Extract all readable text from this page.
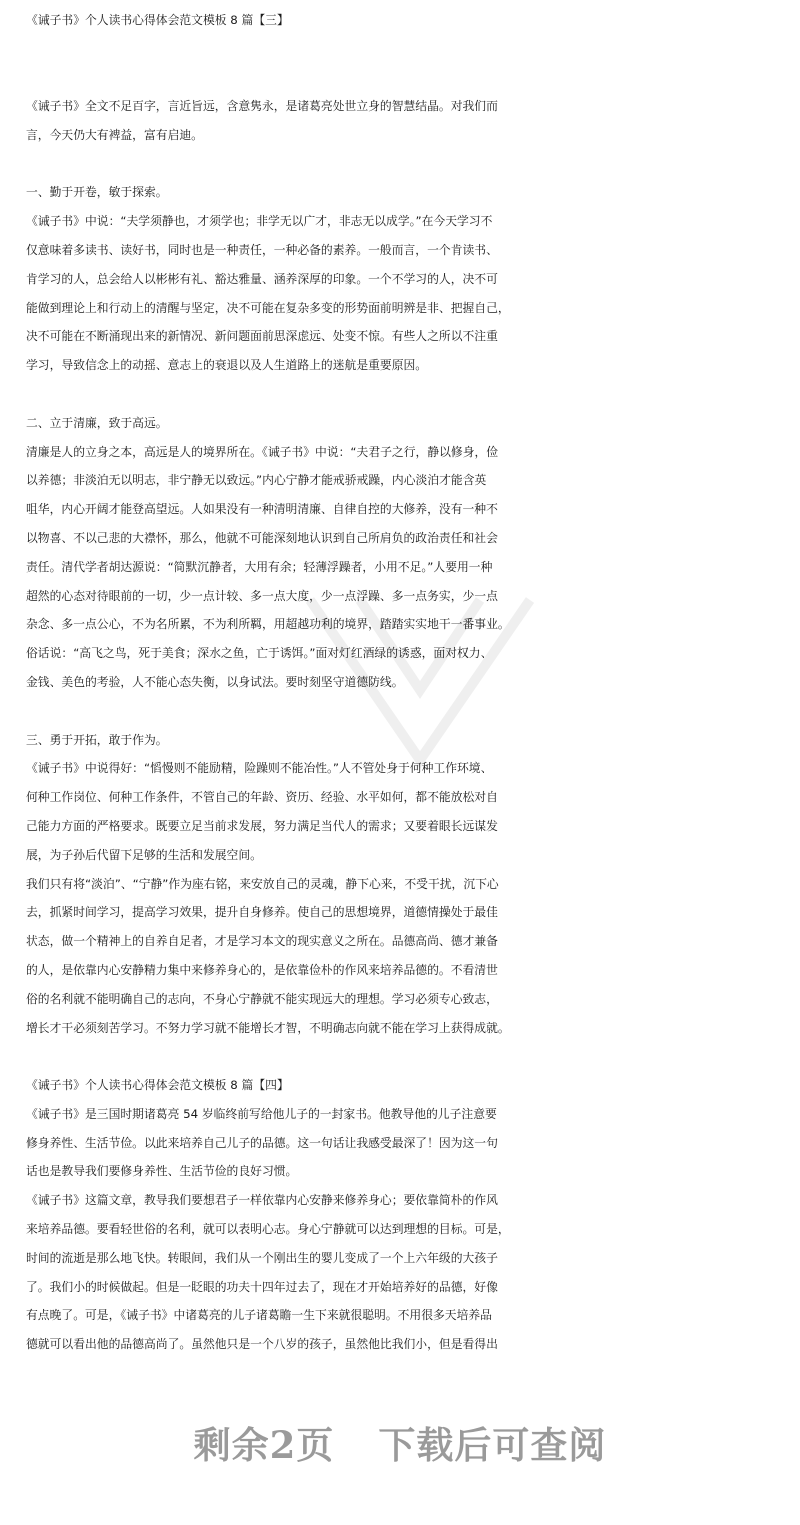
《诫子书》个人读书心得体会范文模板 8 篇【三】
《诫子书》全文不足百字，言近旨远，含意隽永，是诸葛亮处世立身的智慧结晶。对我们而
言，今天仍大有裨益，富有启迪。
一、勤于开卷，敏于探索。
《诫子书》中说：“夫学须静也，才须学也；非学无以广才，非志无以成学。”在今天学习不
仅意味着多读书、读好书，同时也是一种责任，一种必备的素养。一般而言，一个肯读书、
肯学习的人，总会给人以彬彬有礼、豁达雅量、涵养深厚的印象。一个不学习的人，决不可
能做到理论上和行动上的清醒与坚定，决不可能在复杂多变的形势面前明辨是非、把握自己，
决不可能在不断涌现出来的新情况、新问题面前思深虑远、处变不惊。有些人之所以不注重
学习，导致信念上的动摇、意志上的衰退以及人生道路上的迷航是重要原因。
二、立于清廉，致于高远。
清廉是人的立身之本，高远是人的境界所在。《诫子书》中说：“夫君子之行，静以修身，俭
以养德；非淡泊无以明志，非宁静无以致远。”内心宁静才能戒骄戒躁，内心淡泊才能含英
咀华，内心开阔才能登高望远。人如果没有一种清明清廉、自律自控的大修养，没有一种不
以物喜、不以己悲的大襟怀，那么，他就不可能深刻地认识到自己所肩负的政治责任和社会
责任。清代学者胡达源说：“简默沉静者，大用有余；轻薄浮躁者，小用不足。”人要用一种
超然的心态对待眼前的一切，少一点计较、多一点大度，少一点浮躁、多一点务实，少一点
杂念、多一点公心，不为名所累，不为利所羁，用超越功利的境界，踏踏实实地干一番事业。
俗话说：“高飞之鸟，死于美食；深水之鱼，亡于诱饵。”面对灯红酒绿的诱惑，面对权力、
金钱、美色的考验，人不能心态失衡，以身试法。要时刻坚守道德防线。
三、勇于开拓，敢于作为。
《诫子书》中说得好：“慆慢则不能励精，险躁则不能冶性。”人不管处身于何种工作环境、
何种工作岗位、何种工作条件，不管自己的年龄、资历、经验、水平如何，都不能放松对自
己能力方面的严格要求。既要立足当前求发展，努力满足当代人的需求；又要着眼长远谋发
展，为子孙后代留下足够的生活和发展空间。
我们只有将“淡泊”、“宁静”作为座右铭，来安放自己的灵魂，静下心来，不受干扰，沉下心
去，抓紧时间学习，提高学习效果，提升自身修养。使自己的思想境界，道德情操处于最佳
状态，做一个精神上的自养自足者，才是学习本文的现实意义之所在。品德高尚、德才兼备
的人，是依靠内心安静精力集中来修养身心的，是依靠俭朴的作风来培养品德的。不看清世
俗的名利就不能明确自己的志向，不身心宁静就不能实现远大的理想。学习必须专心致志，
增长才干必须刻苦学习。不努力学习就不能增长才智，不明确志向就不能在学习上获得成就。
《诫子书》个人读书心得体会范文模板 8 篇【四】
《诫子书》是三国时期诸葛亮 54 岁临终前写给他儿子的一封家书。他教导他的儿子注意要
修身养性、生活节俭。以此来培养自己儿子的品德。这一句话让我感受最深了！因为这一句
话也是教导我们要修身养性、生活节俭的良好习惯。
《诫子书》这篇文章，教导我们要想君子一样依靠内心安静来修养身心；要依靠简朴的作风
来培养品德。要看轻世俗的名利，就可以表明心志。身心宁静就可以达到理想的目标。可是，
时间的流逝是那么地飞快。转眼间，我们从一个刚出生的婴儿变成了一个上六年级的大孩子
了。我们小的时候做起。但是一眨眼的功夫十四年过去了，现在才开始培养好的品德，好像
有点晚了。可是，《诫子书》中诸葛亮的儿子诸葛瞻一生下来就很聪明。不用很多天培养品
德就可以看出他的品德高尚了。虽然他只是一个八岁的孩子，虽然他比我们小，但是看得出
剩余2页 下载后可查阅
